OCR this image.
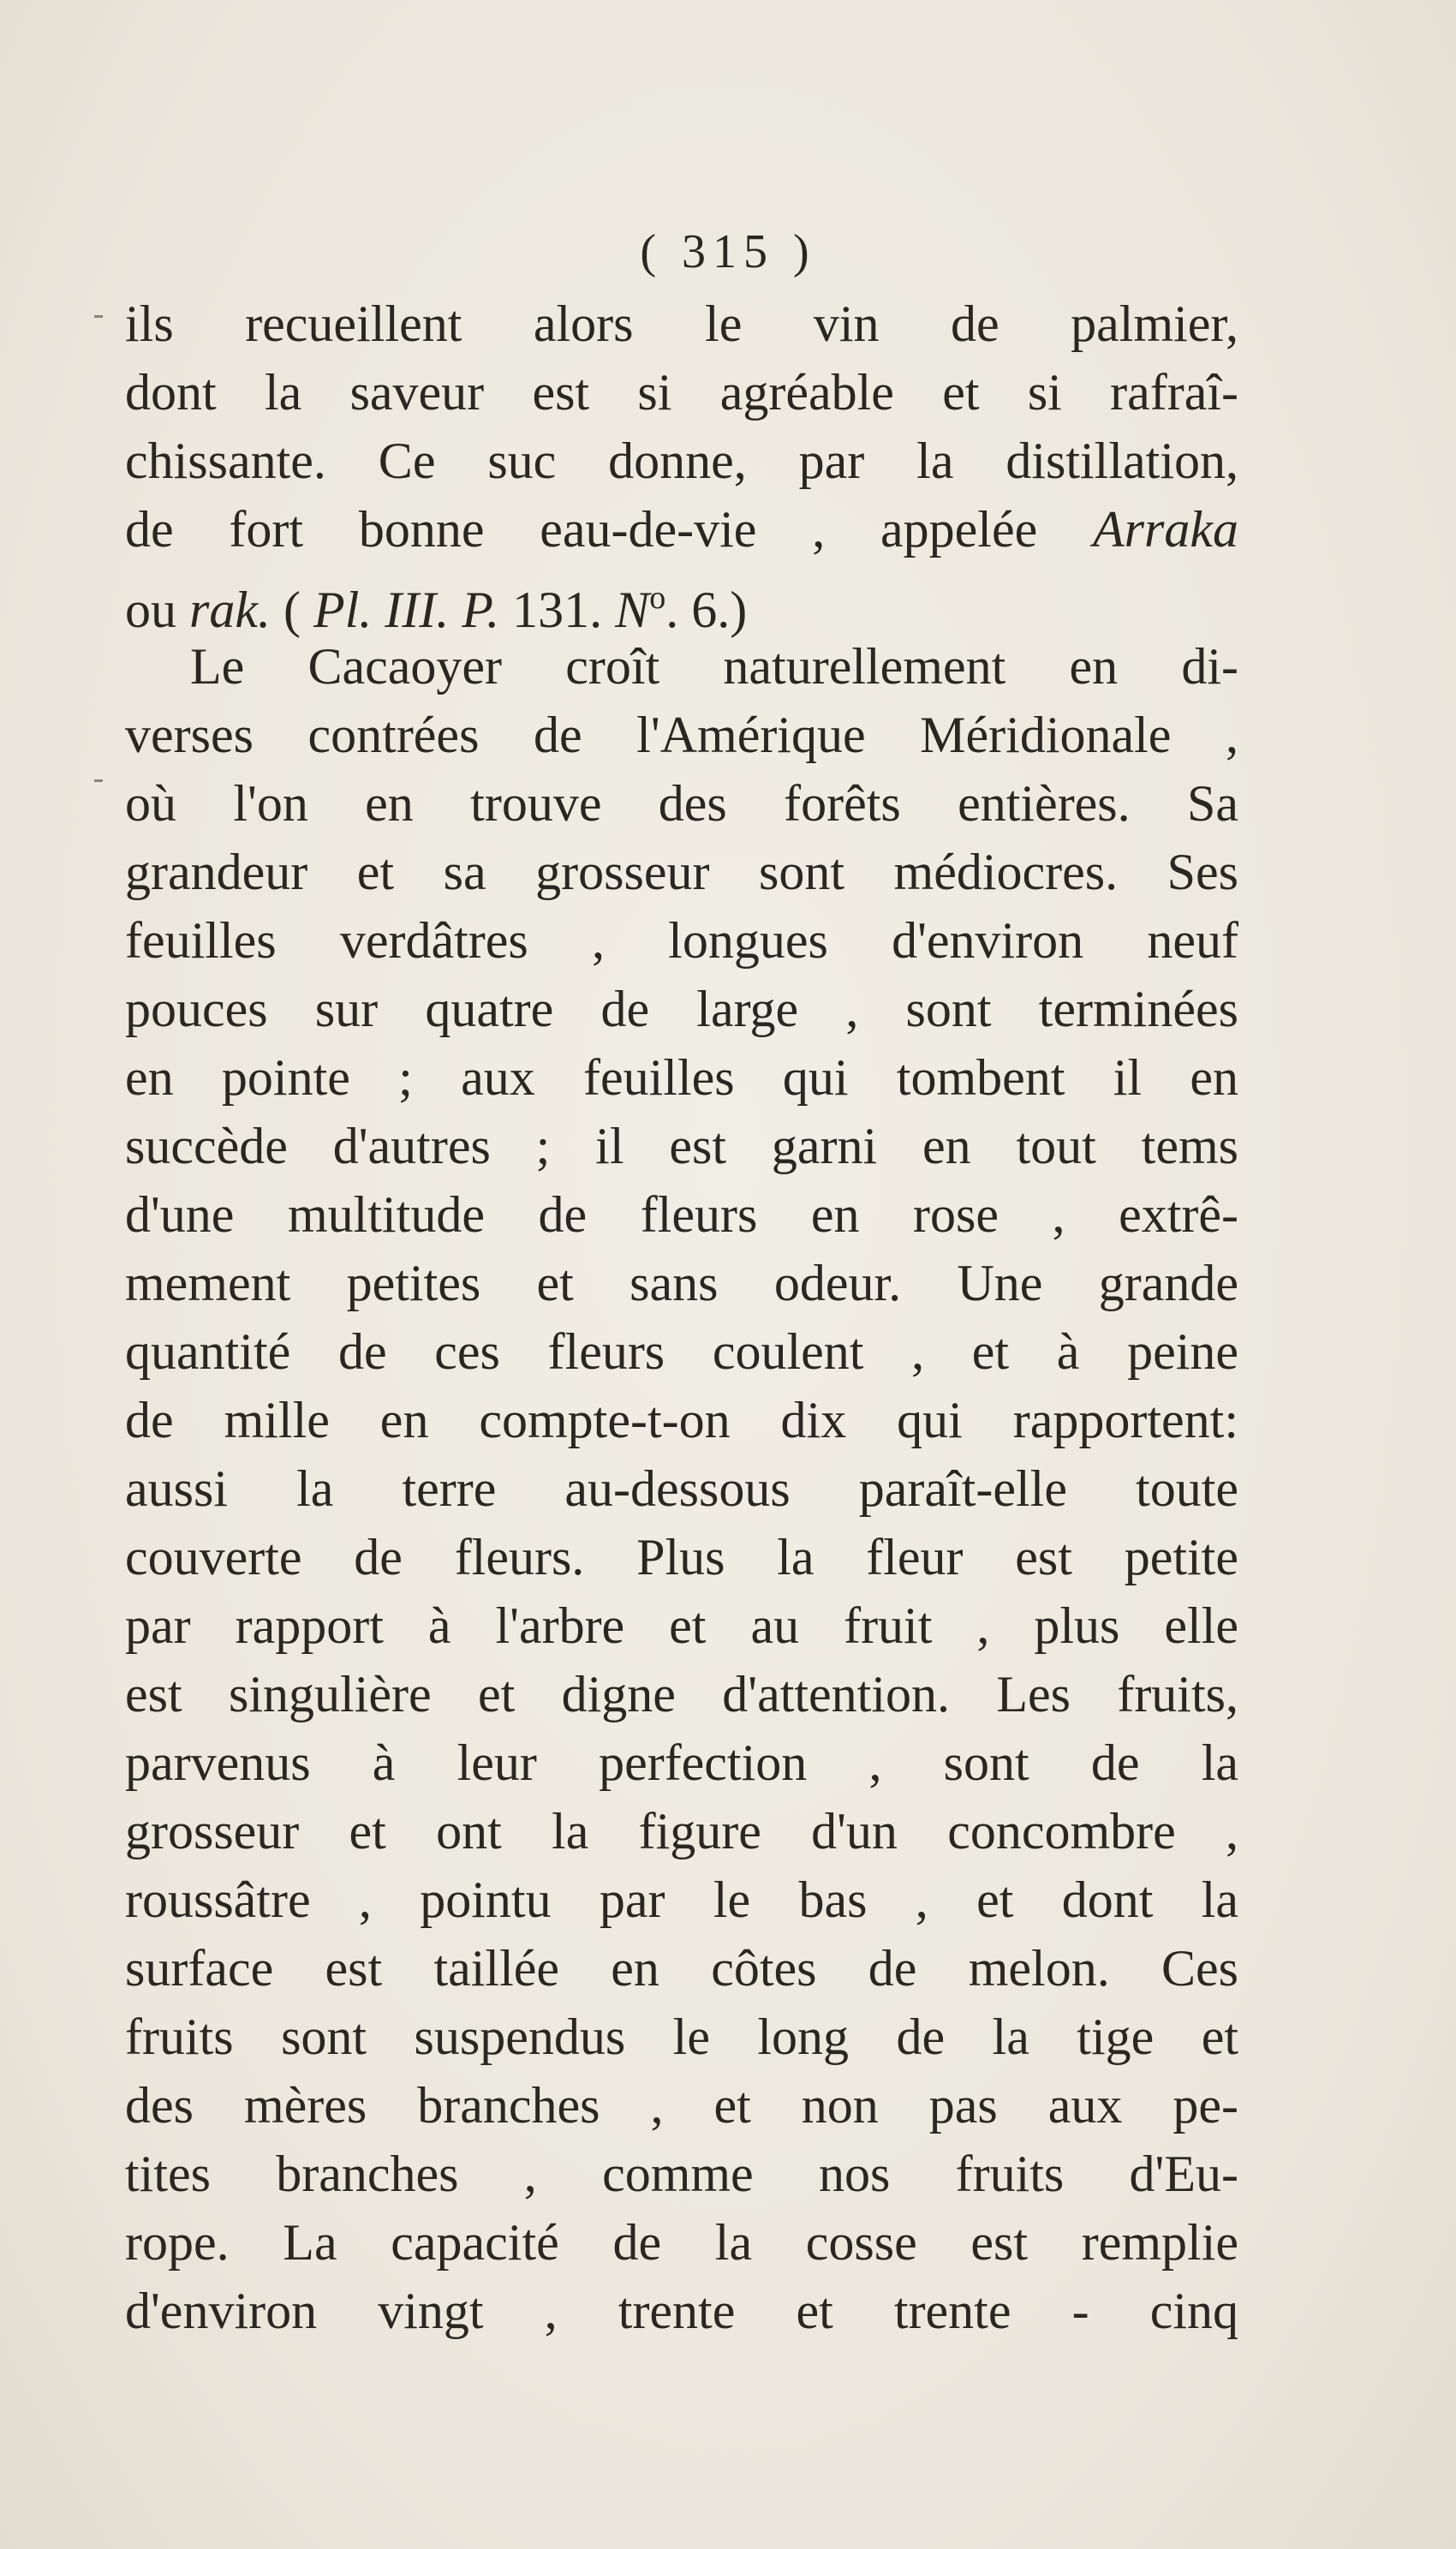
( 315 )
ils recueillent alors le vin de palmier,
dont la saveur est si agréable et si rafraî-
chissante. Ce suc donne, par la distillation,
de fort bonne eau-de-vie , appelée Arraka
ou rak. ( Pl. III. P. 131. $N^o$. 6.)
Le Cacaoyer croît naturellement en di-
verses contrées de l'Amérique Méridionale ,
où l'on en trouve des forêts entières. Sa
grandeur et sa grosseur sont médiocres. Ses
feuilles verdâtres , longues d'environ neuf
pouces sur quatre de large , sont terminées
en pointe ; aux feuilles qui tombent il en
succède d'autres ; il est garni en tout tems
d'une multitude de fleurs en rose , extrê-
mement petites et sans odeur. Une grande
quantité de ces fleurs coulent , et à peine
de mille en compte-t-on dix qui rapportent:
aussi la terre au-dessous paraît-elle toute
couverte de fleurs. Plus la fleur est petite
par rapport à l'arbre et au fruit , plus elle
est singulière et digne d'attention. Les fruits,
parvenus à leur perfection , sont de la
grosseur et ont la figure d'un concombre ,
roussâtre , pointu par le bas , et dont la
surface est taillée en côtes de melon. Ces
fruits sont suspendus le long de la tige et
des mères branches , et non pas aux pe-
tites branches , comme nos fruits d'Eu-
rope. La capacité de la cosse est remplie
d'environ vingt , trente et trente - cinq
